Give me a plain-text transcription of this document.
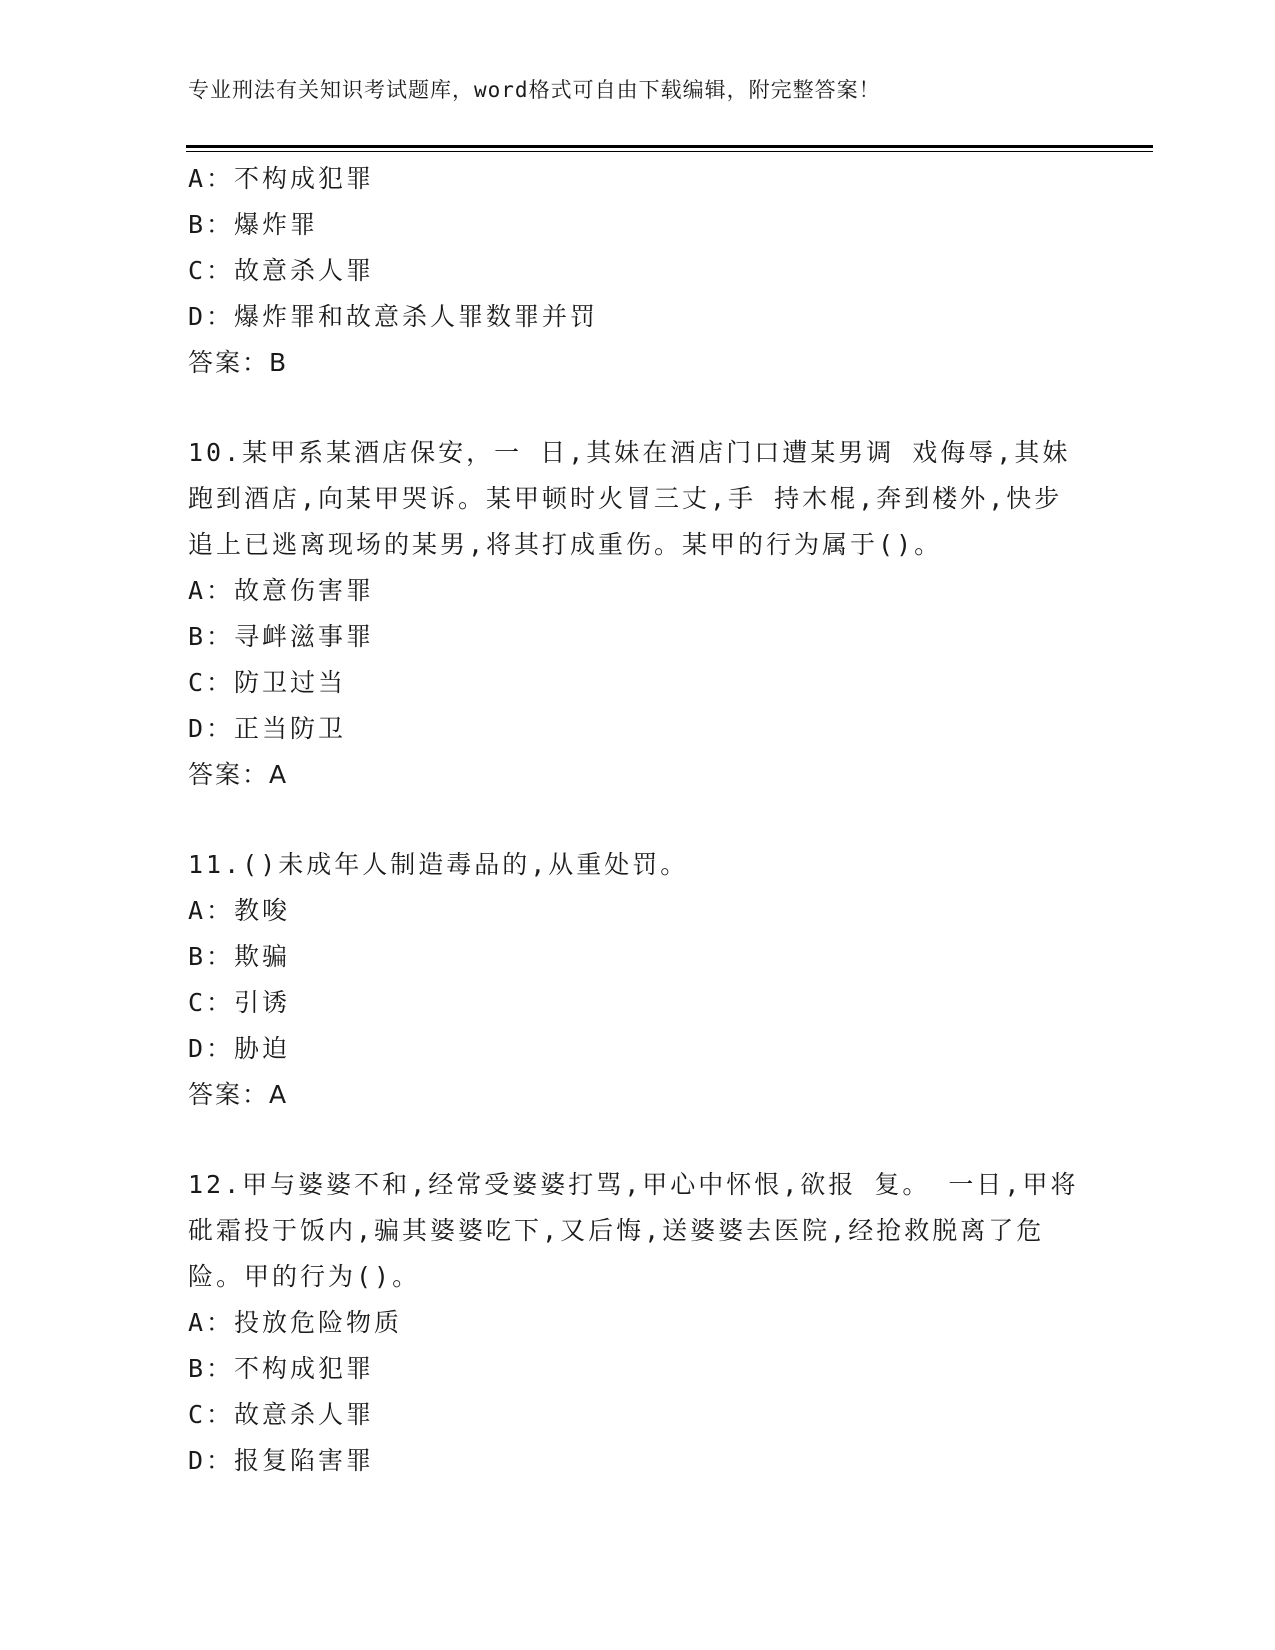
专业刑法有关知识考试题库，word格式可自由下载编辑，附完整答案！
A：不构成犯罪
B：爆炸罪
C：故意杀人罪
D：爆炸罪和故意杀人罪数罪并罚
答案：B
10.某甲系某酒店保安，一 日,其妹在酒店门口遭某男调 戏侮辱,其妹
跑到酒店,向某甲哭诉。某甲顿时火冒三丈,手 持木棍,奔到楼外,快步
追上已逃离现场的某男,将其打成重伤。某甲的行为属于()。
A：故意伤害罪
B：寻衅滋事罪
C：防卫过当
D：正当防卫
答案：A
11.()未成年人制造毒品的,从重处罚。
A：教唆
B：欺骗
C：引诱
D：胁迫
答案：A
12.甲与婆婆不和,经常受婆婆打骂,甲心中怀恨,欲报 复。 一日,甲将
砒霜投于饭内,骗其婆婆吃下,又后悔,送婆婆去医院,经抢救脱离了危
险。甲的行为()。
A：投放危险物质
B：不构成犯罪
C：故意杀人罪
D：报复陷害罪
